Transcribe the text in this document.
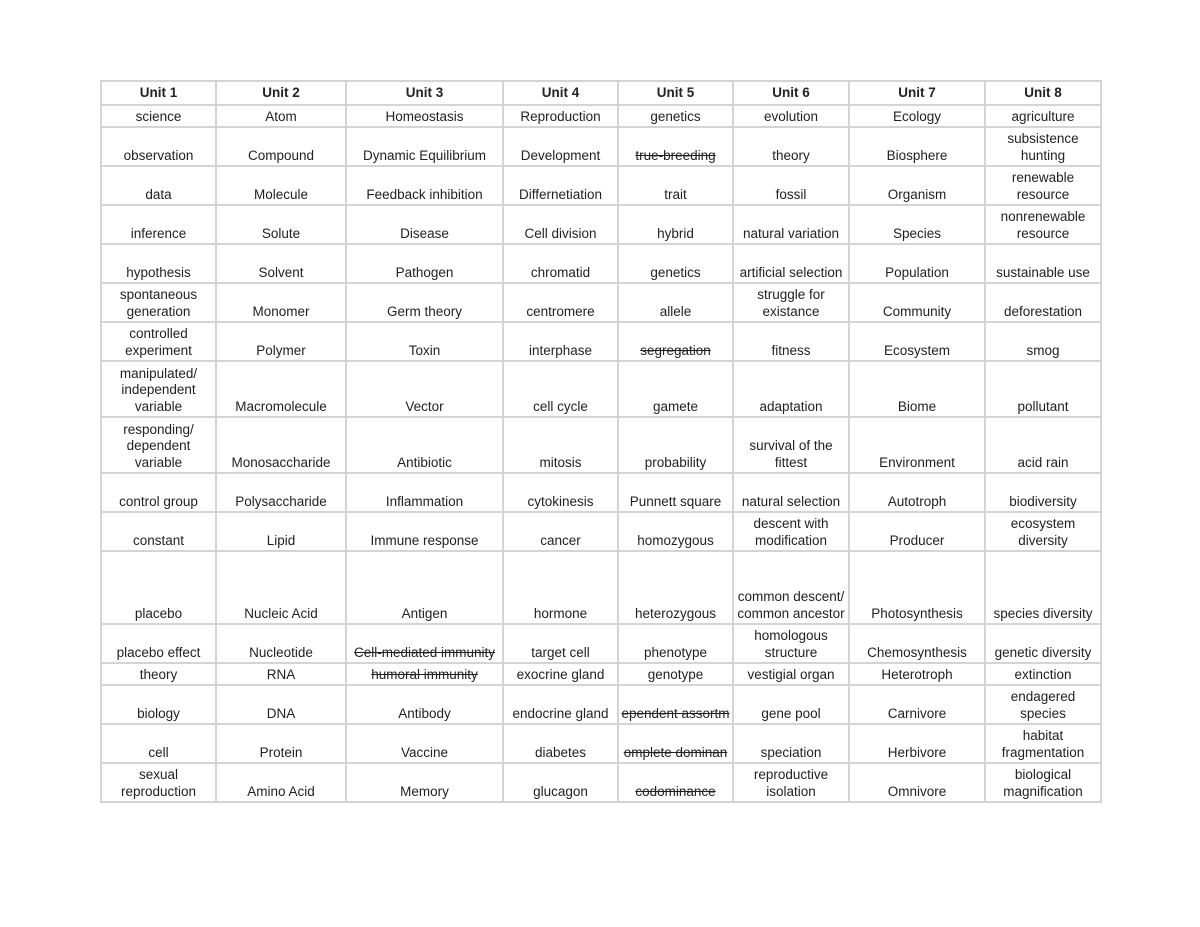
Unit 1	Unit 2	Unit 3	Unit 4	Unit 5	Unit 6	Unit 7	Unit 8
science	Atom	Homeostasis	Reproduction	genetics	evolution	Ecology	agriculture
observation	Compound	Dynamic Equilibrium	Development	true-breeding	theory	Biosphere	subsistence hunting
data	Molecule	Feedback inhibition	Differnetiation	trait	fossil	Organism	renewable resource
inference	Solute	Disease	Cell division	hybrid	natural variation	Species	nonrenewable resource
hypothesis	Solvent	Pathogen	chromatid	genetics	artificial selection	Population	sustainable use
spontaneous generation	Monomer	Germ theory	centromere	allele	struggle for existance	Community	deforestation
controlled experiment	Polymer	Toxin	interphase	segregation	fitness	Ecosystem	smog
manipulated/ independent variable	Macromolecule	Vector	cell cycle	gamete	adaptation	Biome	pollutant
responding/ dependent variable	Monosaccharide	Antibiotic	mitosis	probability	survival of the fittest	Environment	acid rain
control group	Polysaccharide	Inflammation	cytokinesis	Punnett square	natural selection	Autotroph	biodiversity
constant	Lipid	Immune response	cancer	homozygous	descent with modification	Producer	ecosystem diversity
placebo	Nucleic Acid	Antigen	hormone	heterozygous	common descent/ common ancestor	Photosynthesis	species diversity
placebo effect	Nucleotide	Cell-mediated immunity	target cell	phenotype	homologous structure	Chemosynthesis	genetic diversity
theory	RNA	humoral immunity	exocrine gland	genotype	vestigial organ	Heterotroph	extinction
biology	DNA	Antibody	endocrine gland	ependent assortm	gene pool	Carnivore	endagered species
cell	Protein	Vaccine	diabetes	omplete dominan	speciation	Herbivore	habitat fragmentation
sexual reproduction	Amino Acid	Memory	glucagon	codominance	reproductive isolation	Omnivore	biological magnification
